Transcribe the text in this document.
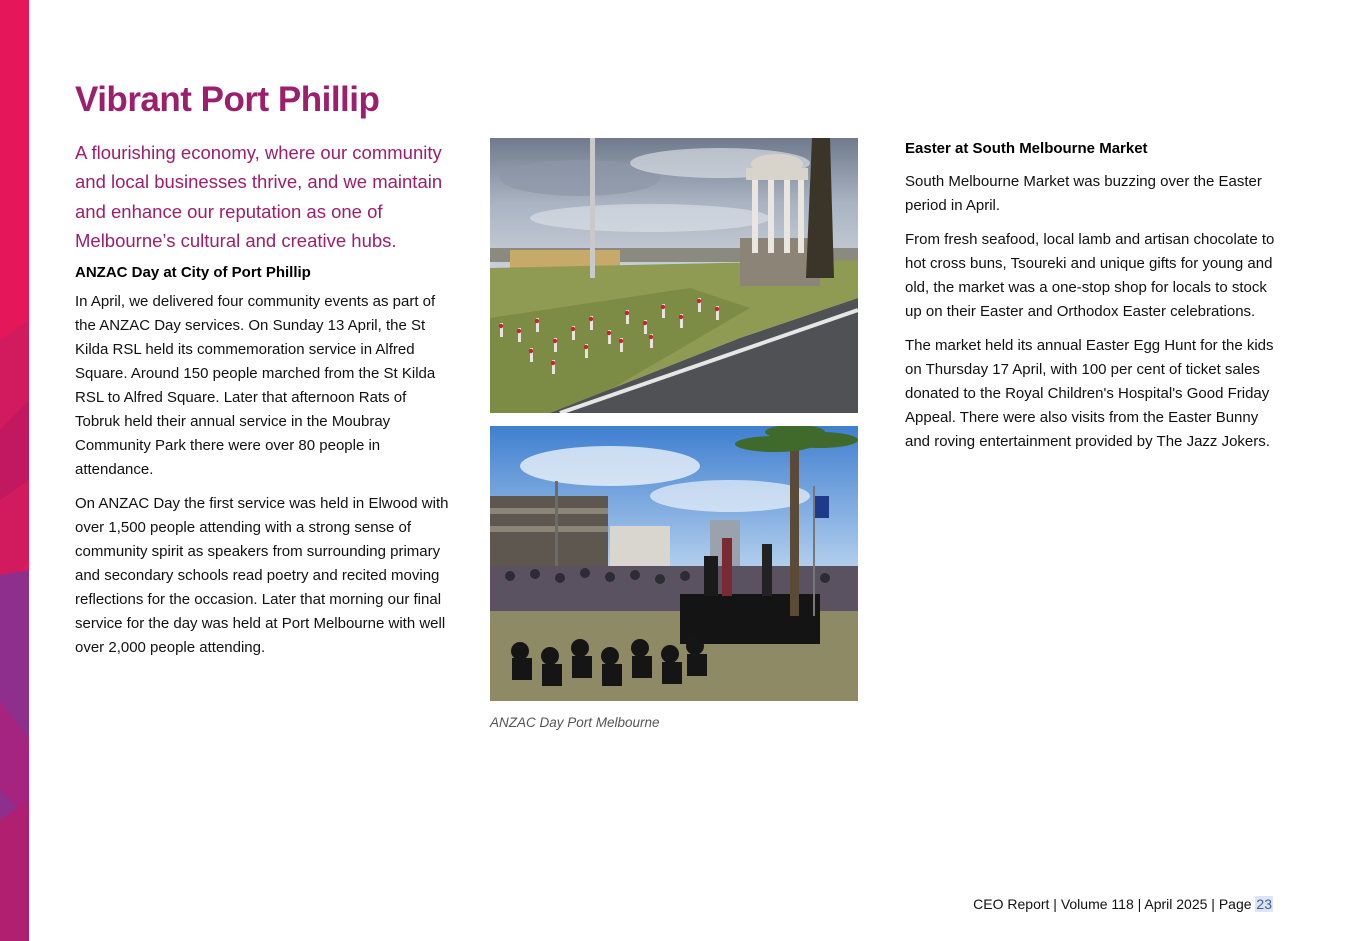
Vibrant Port Phillip

A flourishing economy, where our community and local businesses thrive, and we maintain and enhance our reputation as one of Melbourne’s cultural and creative hubs.

ANZAC Day at City of Port Phillip

In April, we delivered four community events as part of the ANZAC Day services. On Sunday 13 April, the St Kilda RSL held its commemoration service in Alfred Square. Around 150 people marched from the St Kilda RSL to Alfred Square. Later that afternoon Rats of Tobruk held their annual service in the Moubray Community Park there were over 80 people in attendance.

On ANZAC Day the first service was held in Elwood with over 1,500 people attending with a strong sense of community spirit as speakers from surrounding primary and secondary schools read poetry and recited moving reflections for the occasion. Later that morning our final service for the day was held at Port Melbourne with well over 2,000 people attending.

ANZAC Day Port Melbourne

Easter at South Melbourne Market

South Melbourne Market was buzzing over the Easter period in April.

From fresh seafood, local lamb and artisan chocolate to hot cross buns, Tsoureki and unique gifts for young and old, the market was a one-stop shop for locals to stock up on their Easter and Orthodox Easter celebrations.

The market held its annual Easter Egg Hunt for the kids on Thursday 17 April, with 100 per cent of ticket sales donated to the Royal Children's Hospital's Good Friday Appeal. There were also visits from the Easter Bunny and roving entertainment provided by The Jazz Jokers.

CEO Report | Volume 118 | April 2025 | Page 23
